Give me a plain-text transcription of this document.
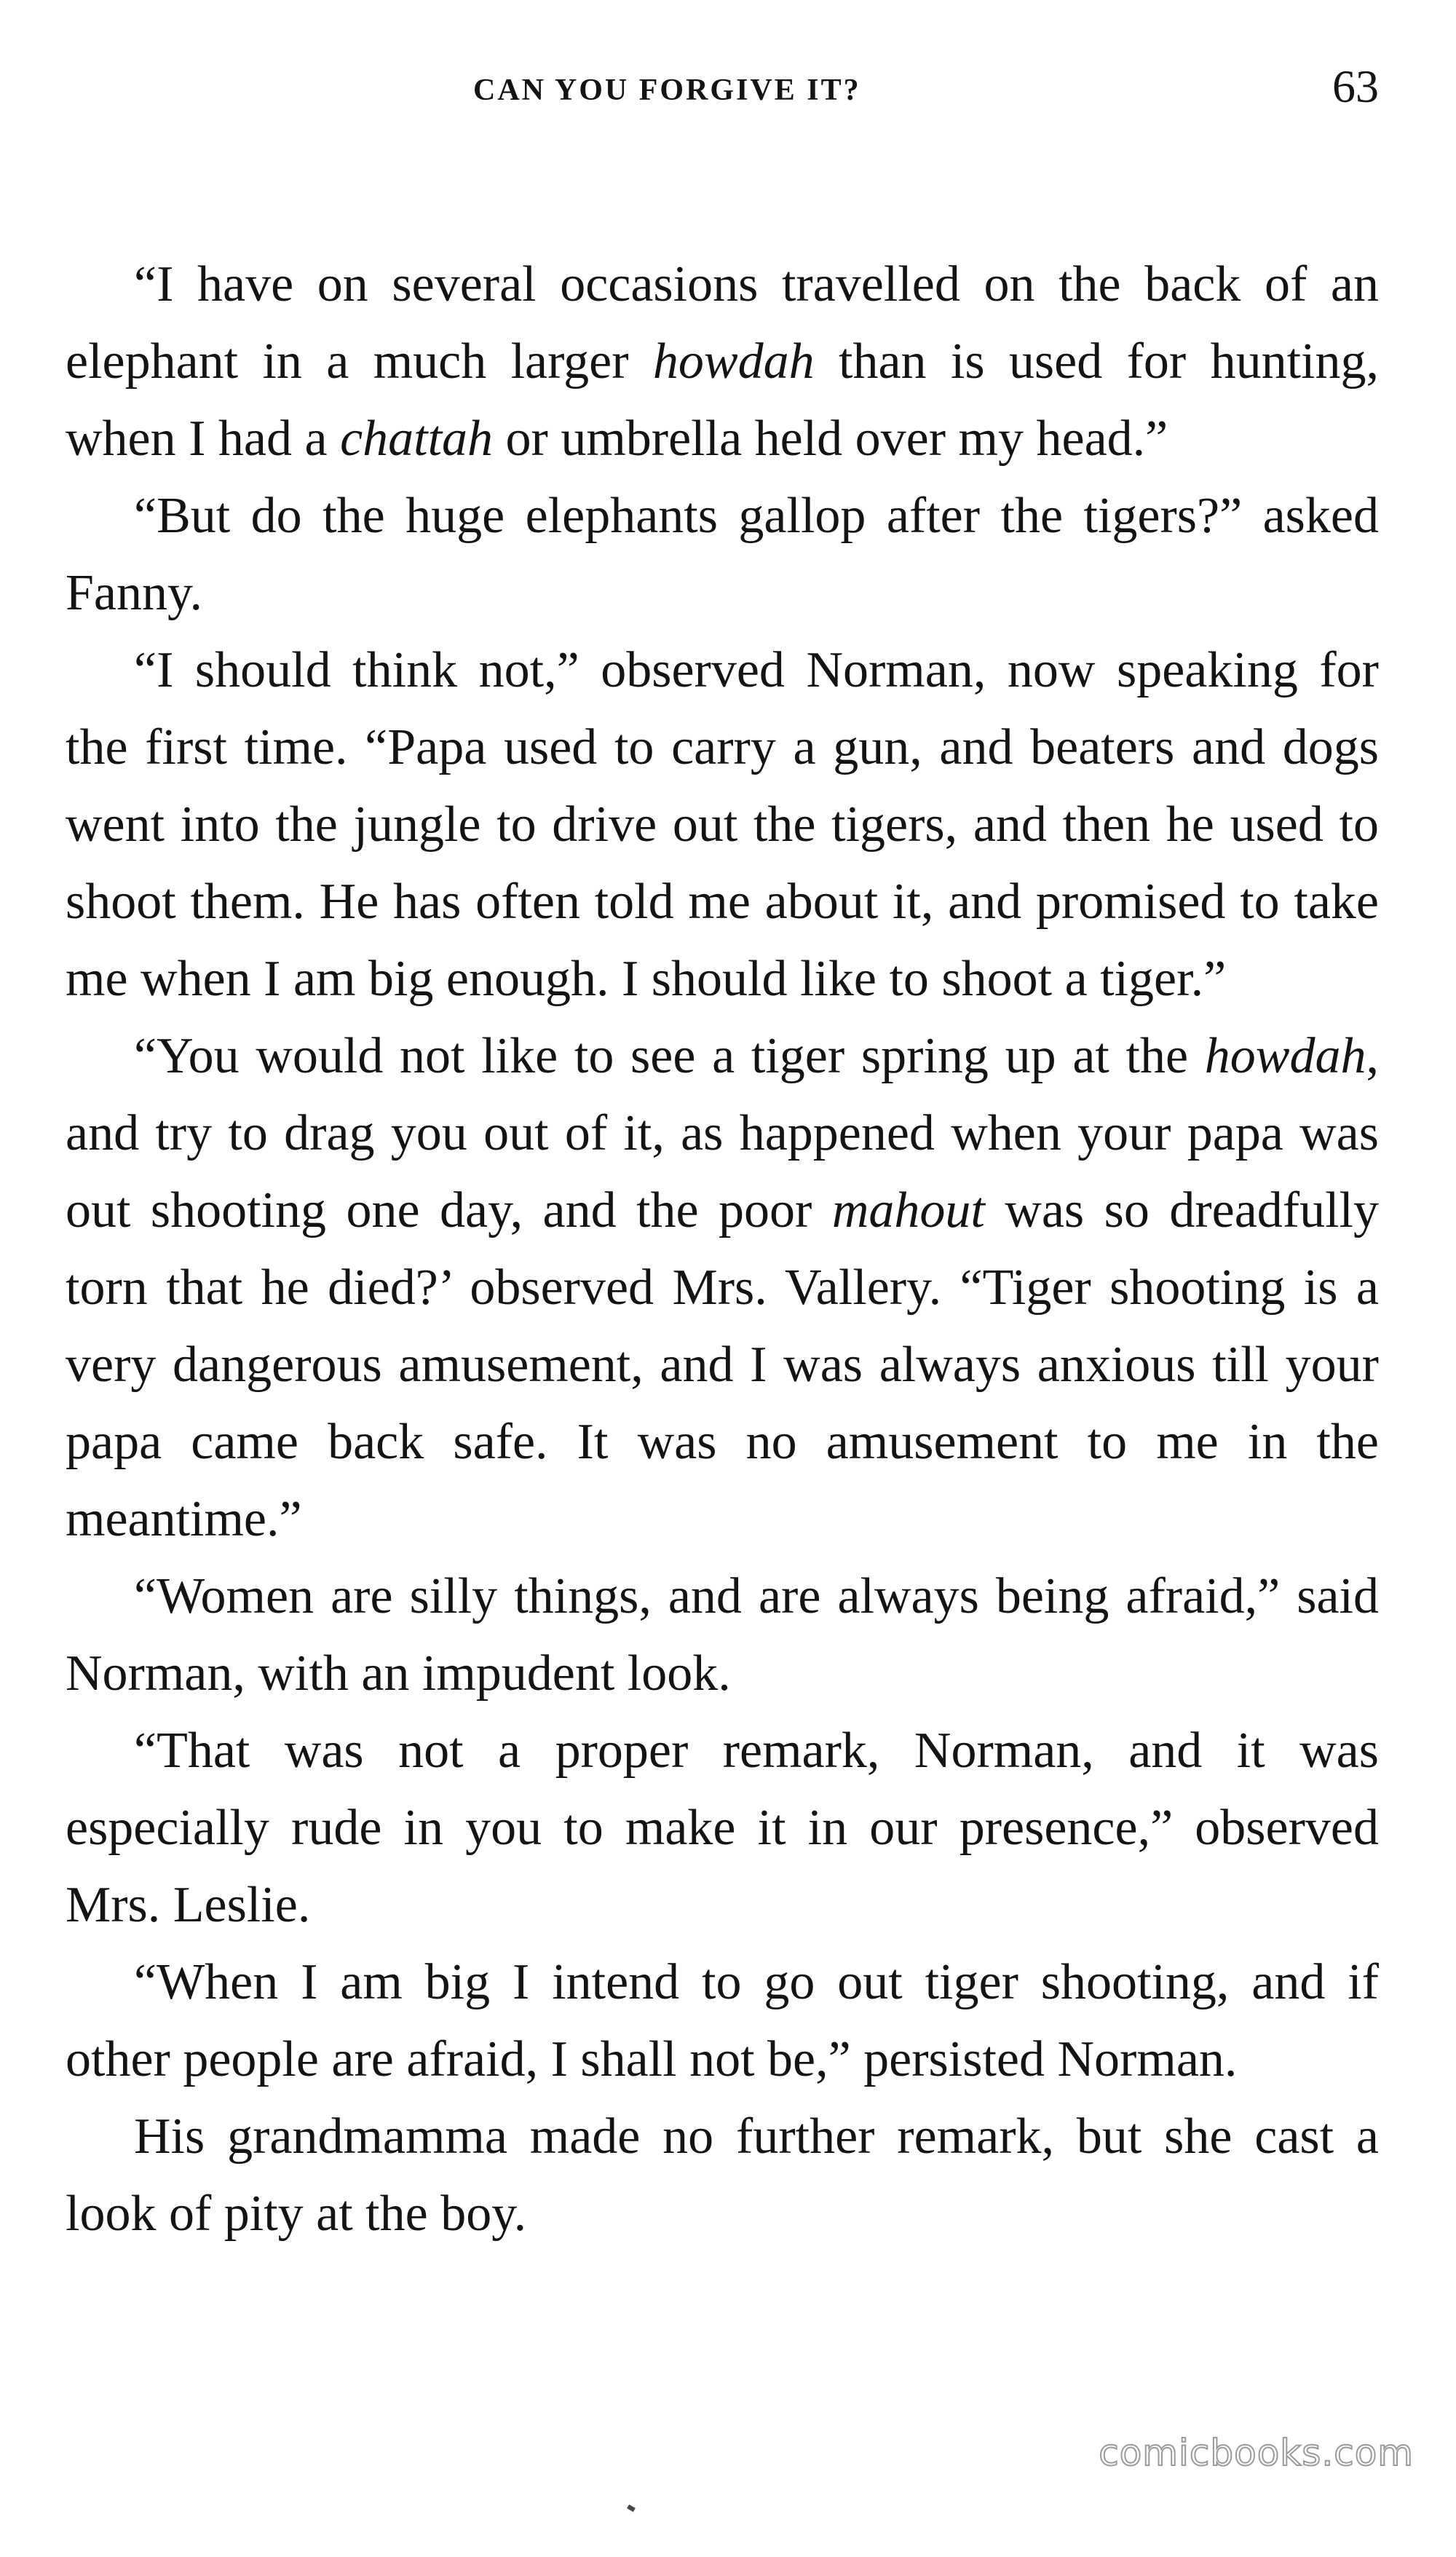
CAN YOU FORGIVE IT?	63

“I have on several occasions travelled on the back of an elephant in a much larger howdah than is used for hunting, when I had a chattah or umbrella held over my head.”

“But do the huge elephants gallop after the tigers?” asked Fanny.

“I should think not,” observed Norman, now speaking for the first time. “Papa used to carry a gun, and beaters and dogs went into the jungle to drive out the tigers, and then he used to shoot them. He has often told me about it, and promised to take me when I am big enough. I should like to shoot a tiger.”

“You would not like to see a tiger spring up at the howdah, and try to drag you out of it, as happened when your papa was out shooting one day, and the poor mahout was so dreadfully torn that he died?’ observed Mrs. Vallery. “Tiger shooting is a very dangerous amusement, and I was always anxious till your papa came back safe. It was no amusement to me in the meantime.”

“Women are silly things, and are always being afraid,” said Norman, with an impudent look.

“That was not a proper remark, Norman, and it was especially rude in you to make it in our presence,” observed Mrs. Leslie.

“When I am big I intend to go out tiger shooting, and if other people are afraid, I shall not be,” persisted Norman.

His grandmamma made no further remark, but she cast a look of pity at the boy.

comicbooks.com
